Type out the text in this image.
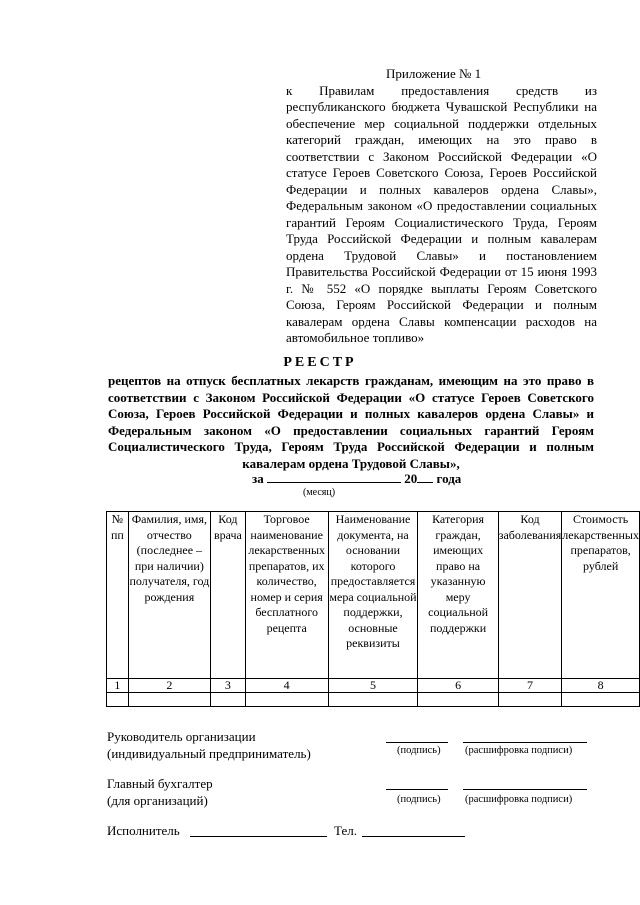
Приложение № 1
к Правилам предоставления средств из республиканского бюджета Чувашской Республики на обеспечение мер социальной поддержки отдельных категорий граждан, имеющих на это право в соответствии с Законом Российской Федерации «О статусе Героев Советского Союза, Героев Российской Федерации и полных кавалеров ордена Славы», Федеральным законом «О предоставлении социальных гарантий Героям Социалистического Труда, Героям Труда Российской Федерации и полным кавалерам ордена Трудовой Славы» и постановлением Правительства Российской Федерации от 15 июня 1993 г. № 552 «О порядке выплаты Героям Советского Союза, Героям Российской Федерации и полным кавалерам ордена Славы компенсации расходов на автомобильное топливо»
РЕЕСТР
рецептов на отпуск бесплатных лекарств гражданам, имеющим на это право в соответствии с Законом Российской Федерации «О статусе Героев Советского Союза, Героев Российской Федерации и полных кавалеров ордена Славы» и Федеральным законом «О предоставлении социальных гарантий Героям Социалистического Труда, Героям Труда Российской Федерации и полным кавалерам ордена Трудовой Славы»,
за	20 года
(месяц)
№ пп	Фамилия, имя, отчество (последнее – при наличии) получателя, год рождения	Код врача	Торговое наименование лекарственных препаратов, их количество, номер и серия бесплатного рецепта	Наименование документа, на основании которого предоставляется мера социальной поддержки, основные реквизиты	Категория граждан, имеющих право на указанную меру социальной поддержки	Код заболевания	Стоимость лекарственных препаратов, рублей
1	2	3	4	5	6	7	8

Руководитель организации
(индивидуальный предприниматель)	(подпись) (расшифровка подписи)
Главный бухгалтер
(для организаций)	(подпись) (расшифровка подписи)
Исполнитель	Тел.
